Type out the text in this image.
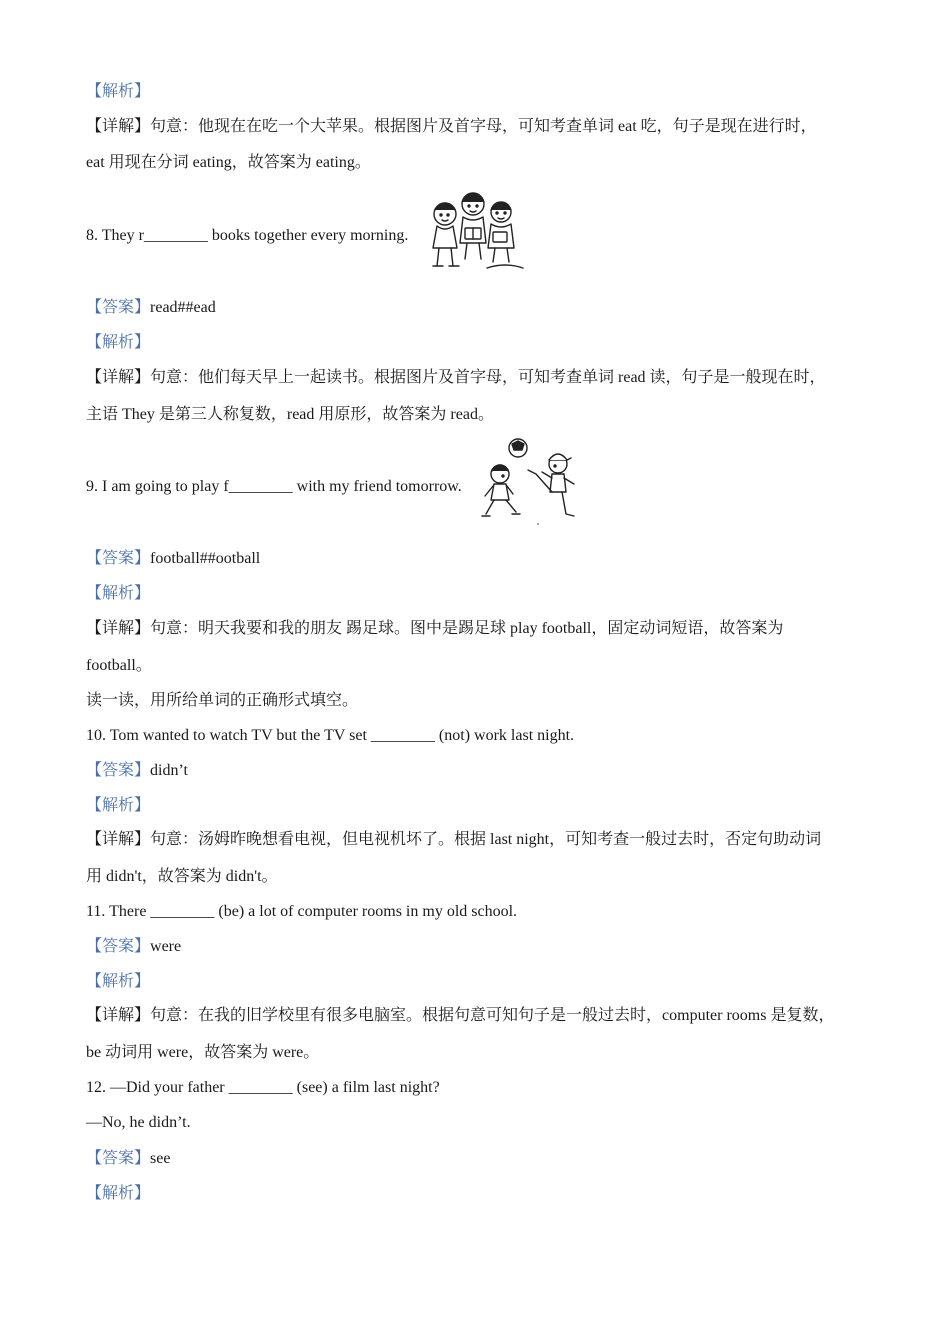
【解析】
【详解】句意：他现在在吃一个大苹果。根据图片及首字母，可知考查单词 eat 吃，句子是现在进行时，
eat 用现在分词 eating，故答案为 eating。
8. They r________ books together every morning.
【答案】read##ead
【解析】
【详解】句意：他们每天早上一起读书。根据图片及首字母，可知考查单词 read 读，句子是一般现在时，
主语 They 是第三人称复数，read 用原形，故答案为 read。
9. I am going to play f________ with my friend tomorrow.
【答案】football##ootball
【解析】
【详解】句意：明天我要和我的朋友 踢足球。图中是踢足球 play football，固定动词短语，故答案为
football。
读一读，用所给单词的正确形式填空。
10. Tom wanted to watch TV but the TV set ________ (not) work last night.
【答案】didn’t
【解析】
【详解】句意：汤姆昨晚想看电视，但电视机坏了。根据 last night，可知考查一般过去时，否定句助动词
用 didn't，故答案为 didn't。
11. There ________ (be) a lot of computer rooms in my old school.
【答案】were
【解析】
【详解】句意：在我的旧学校里有很多电脑室。根据句意可知句子是一般过去时，computer rooms 是复数，
be 动词用 were，故答案为 were。
12. —Did your father ________ (see) a film last night?
—No, he didn’t.
【答案】see
【解析】
